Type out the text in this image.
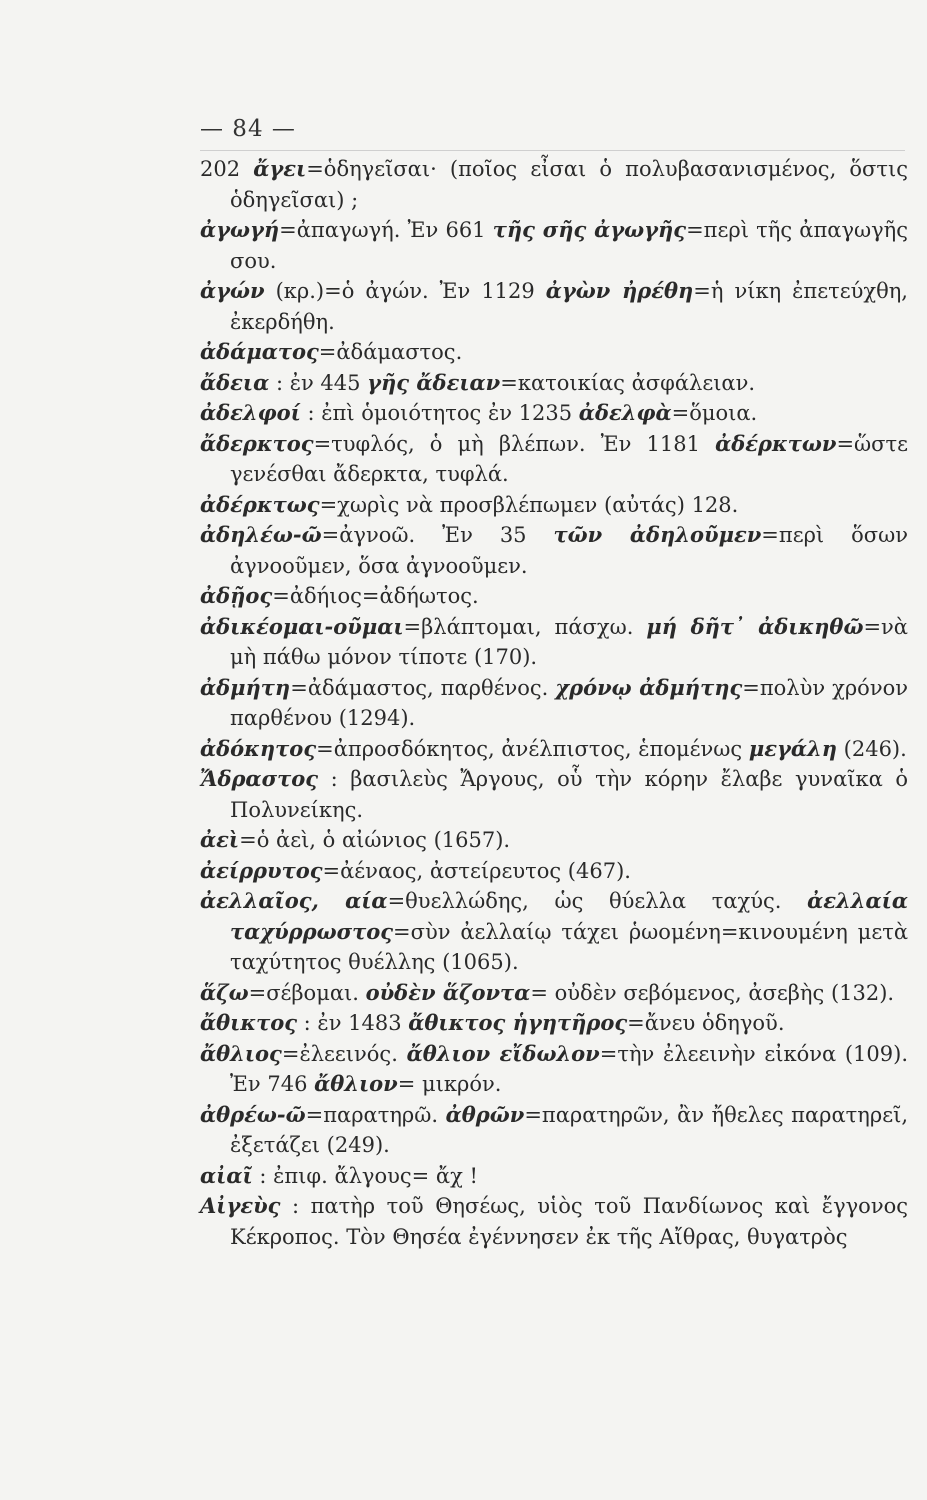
— 84 —

202 ἄγει=ὁδηγεῖσαι· (ποῖος εἶσαι ὁ πολυβασανισμένος, ὅστις ὁδηγεῖσαι) ;

ἀγωγή=ἀπαγωγή. Ἐν 661 τῆς σῆς ἀγωγῆς=περὶ τῆς ἀπαγωγῆς σου.

ἀγών (κρ.)=ὁ ἀγών. Ἐν 1129 ἀγὼν ἠρέθη=ἡ νίκη ἐπετεύχθη, ἐκερδήθη.

ἀδάματος=ἀδάμαστος.

ἄδεια : ἐν 445 γῆς ἄδειαν=κατοικίας ἀσφάλειαν.

ἀδελφοί : ἐπὶ ὁμοιότητος ἐν 1235 ἀδελφὰ=ὅμοια.

ἄδερκτος=τυφλός, ὁ μὴ βλέπων. Ἐν 1181 ἀδέρκτων=ὥστε γενέσθαι ἄδερκτα, τυφλά.

ἀδέρκτως=χωρὶς νὰ προσβλέπωμεν (αὐτάς) 128.

ἀδηλέω-ῶ=ἀγνοῶ. Ἐν 35 τῶν ἀδηλοῦμεν=περὶ ὅσων ἀγνοοῦμεν, ὅσα ἀγνοοῦμεν.

ἀδῇος=ἀδήιος=ἀδήωτος.

ἀδικέομαι-οῦμαι=βλάπτομαι, πάσχω. μή δῆτ᾿ ἀδικηθῶ=νὰ μὴ πάθω μόνον τίποτε (170).

ἀδμήτη=ἀδάμαστος, παρθένος. χρόνῳ ἀδμήτης=πολὺν χρόνον παρθένου (1294).

ἀδόκητος=ἀπροσδόκητος, ἀνέλπιστος, ἑπομένως μεγάλη (246).

Ἄδραστος : βασιλεὺς Ἄργους, οὗ τὴν κόρην ἔλαβε γυναῖκα ὁ Πολυνείκης.

ἀεὶ=ὁ ἀεὶ, ὁ αἰώνιος (1657).

ἀείρρυτος=ἀέναος, ἀστείρευτος (467).

ἀελλαῖος, αία=θυελλώδης, ὡς θύελλα ταχύς. ἀελλαία ταχύρρωστος=σὺν ἀελλαίῳ τάχει ῥωομένη=κινουμένη μετὰ ταχύτητος θυέλλης (1065).

ἅζω=σέβομαι. οὐδὲν ἅζοντα= οὐδὲν σεβόμενος, ἀσεβὴς (132).

ἄθικτος : ἐν 1483 ἄθικτος ἡγητῆρος=ἄνευ ὁδηγοῦ.

ἄθλιος=ἐλεεινός. ἄθλιον εἴδωλον=τὴν ἐλεεινὴν εἰκόνα (109). Ἐν 746 ἄθλιον= μικρόν.

ἀθρέω-ῶ=παρατηρῶ. ἀθρῶν=παρατηρῶν, ἂν ἤθελες παρατηρεῖ, ἐξετάζει (249).

αἰαῖ : ἐπιφ. ἄλγους= ἄχ !

Αἰγεὺς : πατὴρ τοῦ Θησέως, υἱὸς τοῦ Πανδίωνος καὶ ἔγγονος Κέκροπος. Τὸν Θησέα ἐγέννησεν ἐκ τῆς Αἴθρας, θυγατρὸς
